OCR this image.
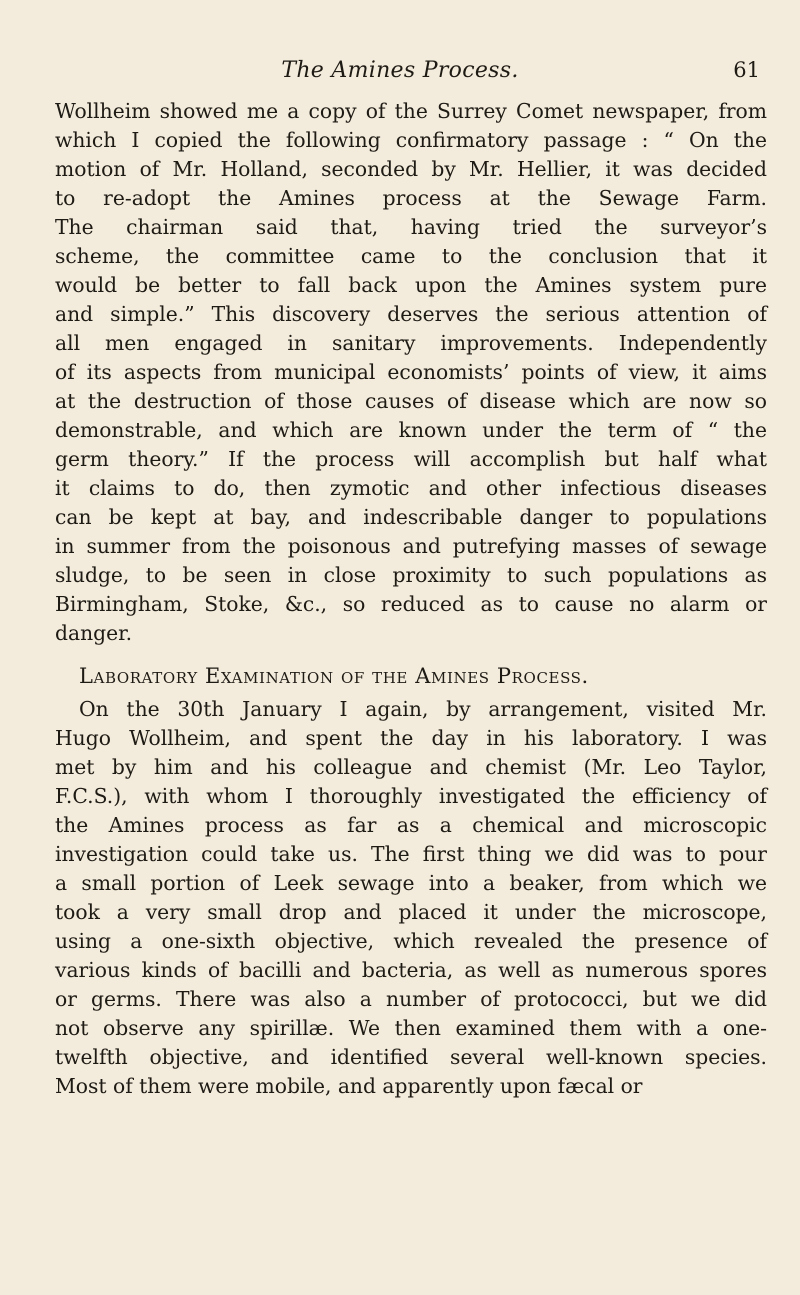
The Amines Process.	61
Wollheim showed me a copy of the Surrey Comet newspaper, from
which I copied the following confirmatory passage : “ On the
motion of Mr. Holland, seconded by Mr. Hellier, it was decided
to re-adopt the Amines process at the Sewage Farm.
The chairman said that, having tried the surveyor’s
scheme, the committee came to the conclusion that it
would be better to fall back upon the Amines system pure
and simple.” This discovery deserves the serious attention of
all men engaged in sanitary improvements. Independently
of its aspects from municipal economists’ points of view, it aims
at the destruction of those causes of disease which are now so
demonstrable, and which are known under the term of “ the
germ theory.” If the process will accomplish but half what
it claims to do, then zymotic and other infectious diseases
can be kept at bay, and indescribable danger to populations
in summer from the poisonous and putrefying masses of sewage
sludge, to be seen in close proximity to such populations as
Birmingham, Stoke, &c., so reduced as to cause no alarm or
danger.
Laboratory Examination of the Amines Process.
On the 30th January I again, by arrangement, visited Mr.
Hugo Wollheim, and spent the day in his laboratory. I was
met by him and his colleague and chemist (Mr. Leo Taylor,
F.C.S.), with whom I thoroughly investigated the efficiency of
the Amines process as far as a chemical and microscopic
investigation could take us. The first thing we did was to pour
a small portion of Leek sewage into a beaker, from which we
took a very small drop and placed it under the microscope,
using a one-sixth objective, which revealed the presence of
various kinds of bacilli and bacteria, as well as numerous spores
or germs. There was also a number of protococci, but we did
not observe any spirillæ. We then examined them with a one-
twelfth objective, and identified several well-known species.
Most of them were mobile, and apparently upon fæcal or
